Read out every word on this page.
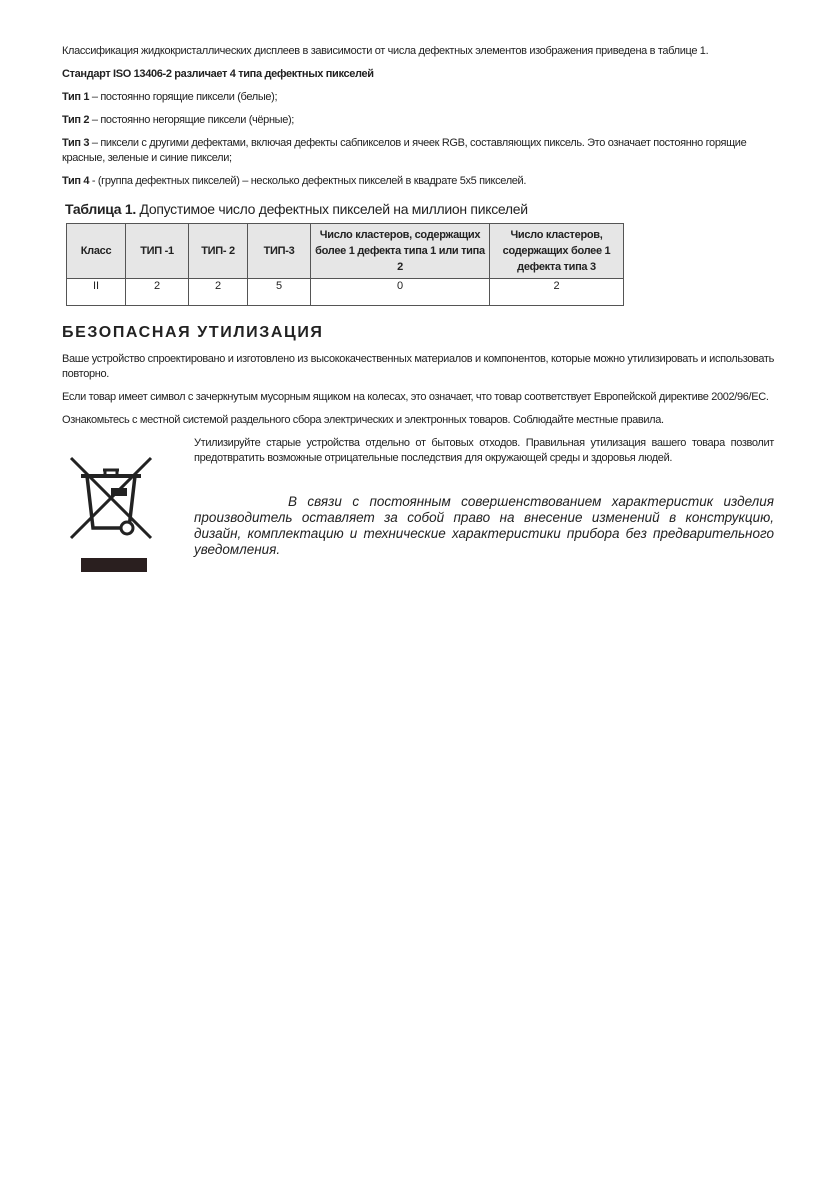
Классификация жидкокристаллических дисплеев в зависимости от числа дефектных элементов изображения приведена в таблице 1.

Стандарт ISO 13406-2 различает 4 типа дефектных пикселей

Тип 1 – постоянно горящие пиксели (белые);

Тип 2 – постоянно негорящие пиксели (чёрные);

Тип 3 – пиксели с другими дефектами, включая дефекты сабпикселов и ячеек RGB, составляющих пиксель. Это означает постоянно горящие красные, зеленые и синие пиксели;

Тип 4 - (группа дефектных пикселей) – несколько дефектных пикселей в квадрате 5x5 пикселей.

Таблица 1. Допустимое число дефектных пикселей на миллион пикселей
Класс	ТИП -1	ТИП- 2	ТИП-3	Число кластеров, содержащих более 1 дефекта типа 1 или типа 2	Число кластеров, содержащих более 1 дефекта типа 3
II	2	2	5	0	2
БЕЗОПАСНАЯ УТИЛИЗАЦИЯ

Ваше устройство спроектировано и изготовлено из высококачественных материалов и компонентов, которые можно утилизировать и использовать повторно.

Если товар имеет символ с зачеркнутым мусорным ящиком на колесах, это означает, что товар соответствует Европейской директиве 2002/96/EC.

Ознакомьтесь с местной системой раздельного сбора электрических и электронных товаров. Соблюдайте местные правила.

Утилизируйте старые устройства отдельно от бытовых отходов. Правильная утилизация вашего товара позволит предотвратить возможные отрицательные последствия для окружающей среды и здоровья людей.

В связи с постоянным совершенствованием характеристик изделия производитель оставляет за собой право на внесение изменений в конструкцию, дизайн, комплектацию и технические характеристики прибора без предварительного уведомления.
